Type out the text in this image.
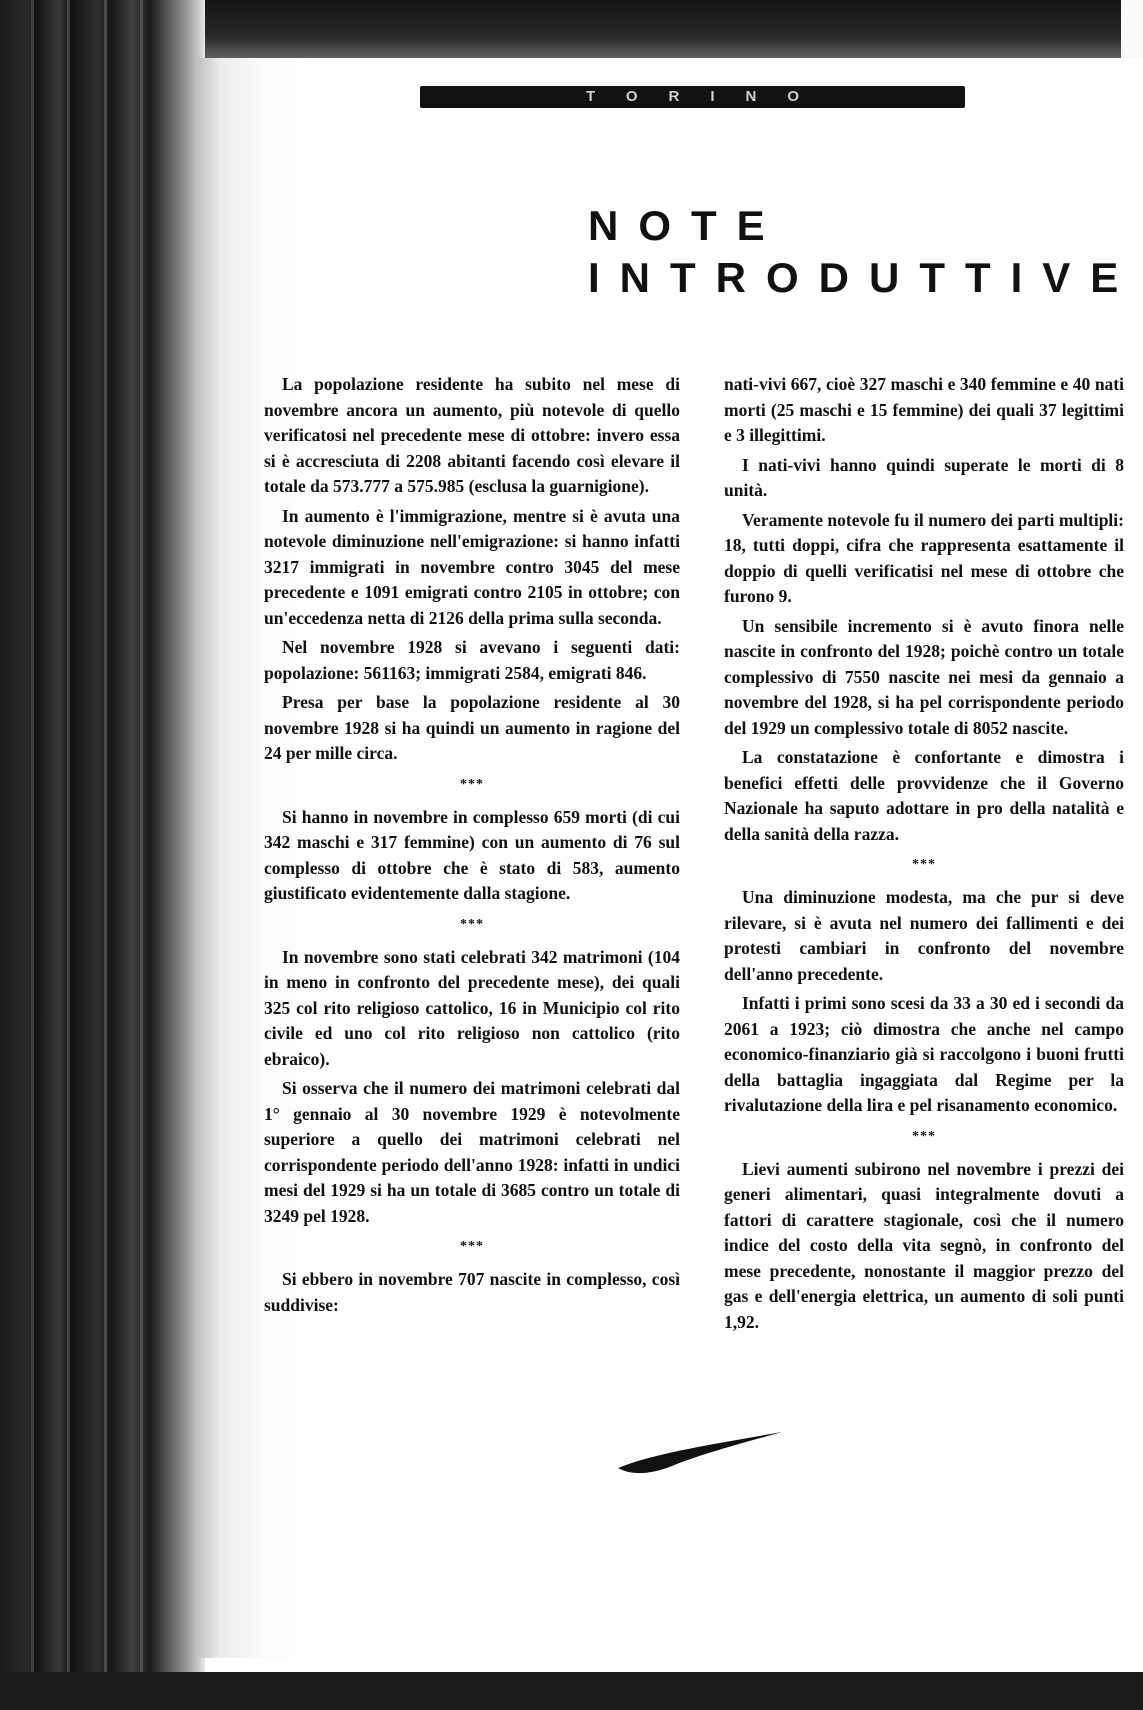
TORINO
NOTE
INTRODUTTIVE

La popolazione residente ha subito nel mese di novembre ancora un aumento, più notevole di quello verificatosi nel precedente mese di ottobre: invero essa si è accresciuta di 2208 abitanti facendo così elevare il totale da 573.777 a 575.985 (esclusa la guarnigione).

In aumento è l'immigrazione, mentre si è avuta una notevole diminuzione nell'emigrazione: si hanno infatti 3217 immigrati in novembre contro 3045 del mese precedente e 1091 emigrati contro 2105 in ottobre; con un'eccedenza netta di 2126 della prima sulla seconda.

Nel novembre 1928 si avevano i seguenti dati: popolazione: 561163; immigrati 2584, emigrati 846.

Presa per base la popolazione residente al 30 novembre 1928 si ha quindi un aumento in ragione del 24 per mille circa.

***

Si hanno in novembre in complesso 659 morti (di cui 342 maschi e 317 femmine) con un aumento di 76 sul complesso di ottobre che è stato di 583, aumento giustificato evidentemente dalla stagione.

***

In novembre sono stati celebrati 342 matrimoni (104 in meno in confronto del precedente mese), dei quali 325 col rito religioso cattolico, 16 in Municipio col rito civile ed uno col rito religioso non cattolico (rito ebraico).

Si osserva che il numero dei matrimoni celebrati dal 1° gennaio al 30 novembre 1929 è notevolmente superiore a quello dei matrimoni celebrati nel corrispondente periodo dell'anno 1928: infatti in undici mesi del 1929 si ha un totale di 3685 contro un totale di 3249 pel 1928.

***

Si ebbero in novembre 707 nascite in complesso, così suddivise:

nati-vivi 667, cioè 327 maschi e 340 femmine e 40 nati morti (25 maschi e 15 femmine) dei quali 37 legittimi e 3 illegittimi.

I nati-vivi hanno quindi superate le morti di 8 unità.

Veramente notevole fu il numero dei parti multipli: 18, tutti doppi, cifra che rappresenta esattamente il doppio di quelli verificatisi nel mese di ottobre che furono 9.

Un sensibile incremento si è avuto finora nelle nascite in confronto del 1928; poichè contro un totale complessivo di 7550 nascite nei mesi da gennaio a novembre del 1928, si ha pel corrispondente periodo del 1929 un complessivo totale di 8052 nascite.

La constatazione è confortante e dimostra i benefici effetti delle provvidenze che il Governo Nazionale ha saputo adottare in pro della natalità e della sanità della razza.

***

Una diminuzione modesta, ma che pur si deve rilevare, si è avuta nel numero dei fallimenti e dei protesti cambiari in confronto del novembre dell'anno precedente.

Infatti i primi sono scesi da 33 a 30 ed i secondi da 2061 a 1923; ciò dimostra che anche nel campo economico-finanziario già si raccolgono i buoni frutti della battaglia ingaggiata dal Regime per la rivalutazione della lira e pel risanamento economico.

***

Lievi aumenti subirono nel novembre i prezzi dei generi alimentari, quasi integralmente dovuti a fattori di carattere stagionale, così che il numero indice del costo della vita segnò, in confronto del mese precedente, nonostante il maggior prezzo del gas e dell'energia elettrica, un aumento di soli punti 1,92.
